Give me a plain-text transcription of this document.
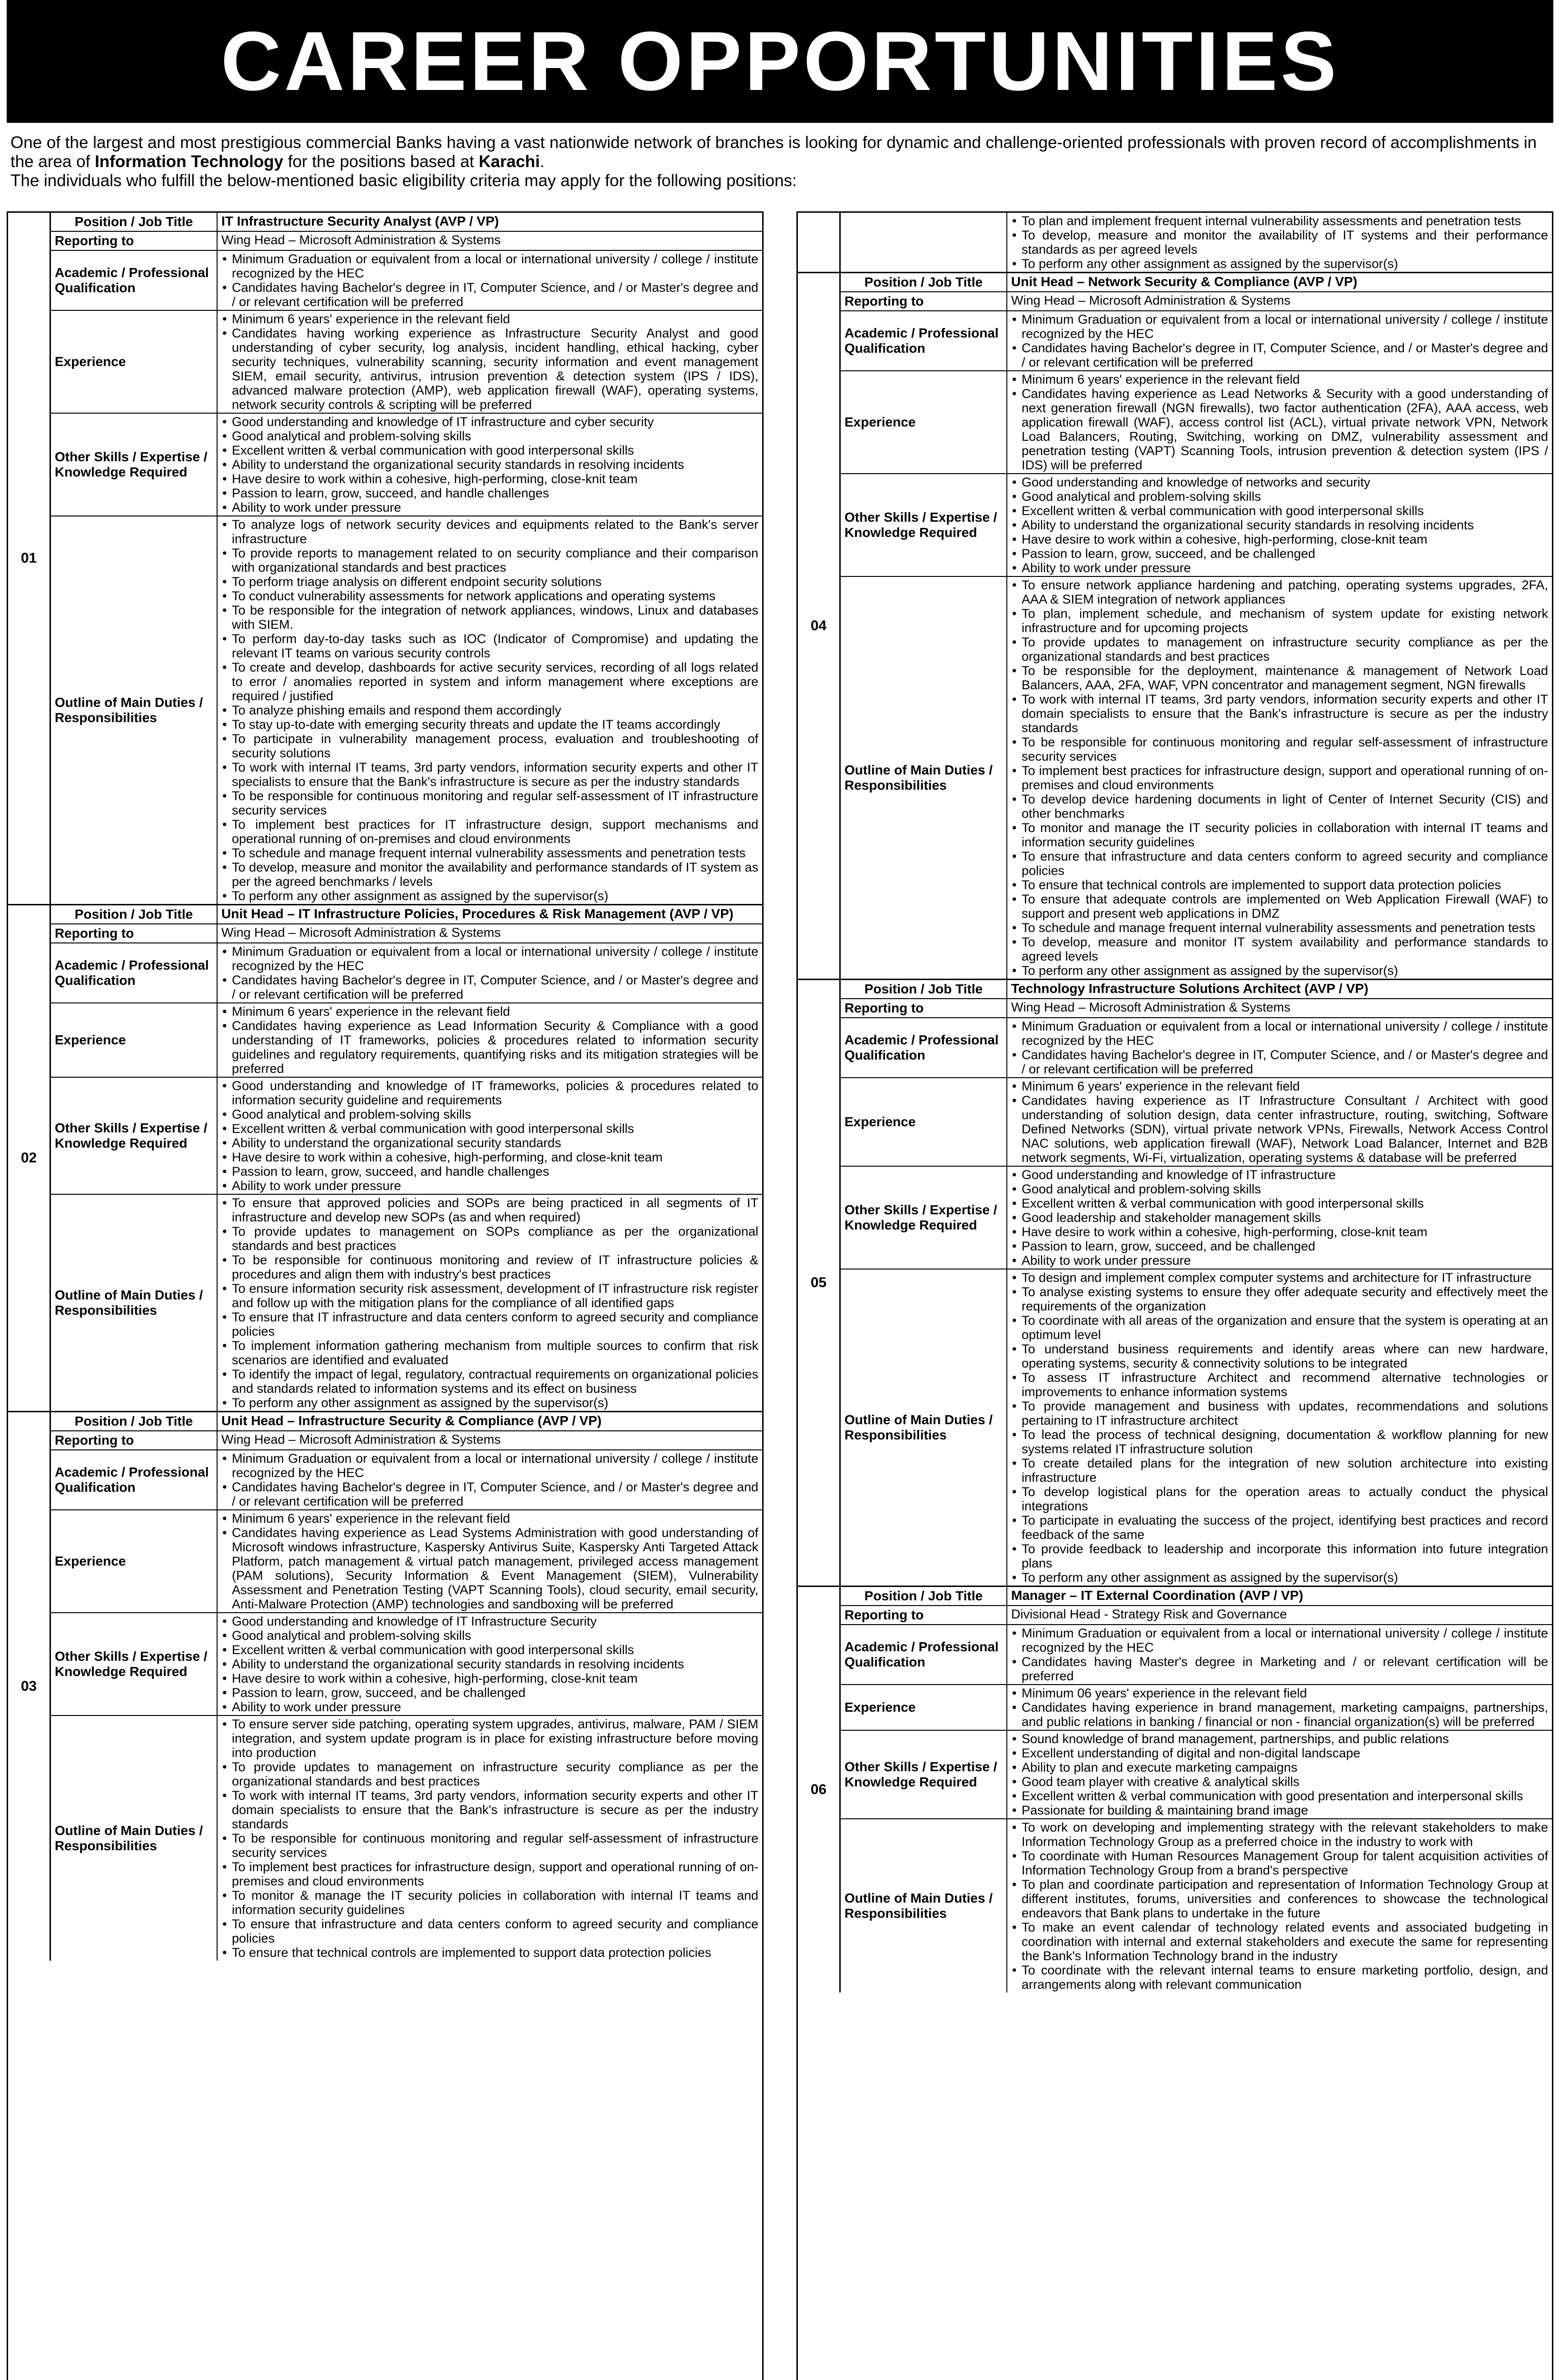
CAREER OPPORTUNITIES

One of the largest and most prestigious commercial Banks having a vast nationwide network of branches is looking for dynamic and challenge-oriented professionals with proven record of accomplishments in the area of Information Technology for the positions based at Karachi.

The individuals who fulfill the below-mentioned basic eligibility criteria may apply for the following positions:

01
Position / Job Title	IT Infrastructure Security Analyst (AVP / VP)
Reporting to	Wing Head – Microsoft Administration & Systems
Academic / Professional Qualification
• Minimum Graduation or equivalent from a local or international university / college / institute recognized by the HEC
• Candidates having Bachelor's degree in IT, Computer Science, and / or Master's degree and / or relevant certification will be preferred
Experience
• Minimum 6 years' experience in the relevant field
• Candidates having working experience as Infrastructure Security Analyst and good understanding of cyber security, log analysis, incident handling, ethical hacking, cyber security techniques, vulnerability scanning, security information and event management SIEM, email security, antivirus, intrusion prevention & detection system (IPS / IDS), advanced malware protection (AMP), web application firewall (WAF), operating systems, network security controls & scripting will be preferred
Other Skills / Expertise / Knowledge Required
• Good understanding and knowledge of IT infrastructure and cyber security
• Good analytical and problem-solving skills
• Excellent written & verbal communication with good interpersonal skills
• Ability to understand the organizational security standards in resolving incidents
• Have desire to work within a cohesive, high-performing, close-knit team
• Passion to learn, grow, succeed, and handle challenges
• Ability to work under pressure
Outline of Main Duties / Responsibilities
• To analyze logs of network security devices and equipments related to the Bank's server infrastructure
• To provide reports to management related to on security compliance and their comparison with organizational standards and best practices
• To perform triage analysis on different endpoint security solutions
• To conduct vulnerability assessments for network applications and operating systems
• To be responsible for the integration of network appliances, windows, Linux and databases with SIEM.
• To perform day-to-day tasks such as IOC (Indicator of Compromise) and updating the relevant IT teams on various security controls
• To create and develop, dashboards for active security services, recording of all logs related to error / anomalies reported in system and inform management where exceptions are required / justified
• To analyze phishing emails and respond them accordingly
• To stay up-to-date with emerging security threats and update the IT teams accordingly
• To participate in vulnerability management process, evaluation and troubleshooting of security solutions
• To work with internal IT teams, 3rd party vendors, information security experts and other IT specialists to ensure that the Bank's infrastructure is secure as per the industry standards
• To be responsible for continuous monitoring and regular self-assessment of IT infrastructure security services
• To implement best practices for IT infrastructure design, support mechanisms and operational running of on-premises and cloud environments
• To schedule and manage frequent internal vulnerability assessments and penetration tests
• To develop, measure and monitor the availability and performance standards of IT system as per the agreed benchmarks / levels
• To perform any other assignment as assigned by the supervisor(s)
02
Position / Job Title	Unit Head – IT Infrastructure Policies, Procedures & Risk Management (AVP / VP)
Reporting to	Wing Head – Microsoft Administration & Systems
Academic / Professional Qualification
• Minimum Graduation or equivalent from a local or international university / college / institute recognized by the HEC
• Candidates having Bachelor's degree in IT, Computer Science, and / or Master's degree and / or relevant certification will be preferred
Experience
• Minimum 6 years' experience in the relevant field
• Candidates having experience as Lead Information Security & Compliance with a good understanding of IT frameworks, policies & procedures related to information security guidelines and regulatory requirements, quantifying risks and its mitigation strategies will be preferred
Other Skills / Expertise / Knowledge Required
• Good understanding and knowledge of IT frameworks, policies & procedures related to information security guideline and requirements
• Good analytical and problem-solving skills
• Excellent written & verbal communication with good interpersonal skills
• Ability to understand the organizational security standards
• Have desire to work within a cohesive, high-performing, and close-knit team
• Passion to learn, grow, succeed, and handle challenges
• Ability to work under pressure
Outline of Main Duties / Responsibilities
• To ensure that approved policies and SOPs are being practiced in all segments of IT infrastructure and develop new SOPs (as and when required)
• To provide updates to management on SOPs compliance as per the organizational standards and best practices
• To be responsible for continuous monitoring and review of IT infrastructure policies & procedures and align them with industry's best practices
• To ensure information security risk assessment, development of IT infrastructure risk register and follow up with the mitigation plans for the compliance of all identified gaps
• To ensure that IT infrastructure and data centers conform to agreed security and compliance policies
• To implement information gathering mechanism from multiple sources to confirm that risk scenarios are identified and evaluated
• To identify the impact of legal, regulatory, contractual requirements on organizational policies and standards related to information systems and its effect on business
• To perform any other assignment as assigned by the supervisor(s)
03
Position / Job Title	Unit Head – Infrastructure Security & Compliance (AVP / VP)
Reporting to	Wing Head – Microsoft Administration & Systems
Academic / Professional Qualification
• Minimum Graduation or equivalent from a local or international university / college / institute recognized by the HEC
• Candidates having Bachelor's degree in IT, Computer Science, and / or Master's degree and / or relevant certification will be preferred
Experience
• Minimum 6 years' experience in the relevant field
• Candidates having experience as Lead Systems Administration with good understanding of Microsoft windows infrastructure, Kaspersky Antivirus Suite, Kaspersky Anti Targeted Attack Platform, patch management & virtual patch management, privileged access management (PAM solutions), Security Information & Event Management (SIEM), Vulnerability Assessment and Penetration Testing (VAPT Scanning Tools), cloud security, email security, Anti-Malware Protection (AMP) technologies and sandboxing will be preferred
Other Skills / Expertise / Knowledge Required
• Good understanding and knowledge of IT Infrastructure Security
• Good analytical and problem-solving skills
• Excellent written & verbal communication with good interpersonal skills
• Ability to understand the organizational security standards in resolving incidents
• Have desire to work within a cohesive, high-performing, close-knit team
• Passion to learn, grow, succeed, and be challenged
• Ability to work under pressure
Outline of Main Duties / Responsibilities
• To ensure server side patching, operating system upgrades, antivirus, malware, PAM / SIEM integration, and system update program is in place for existing infrastructure before moving into production
• To provide updates to management on infrastructure security compliance as per the organizational standards and best practices
• To work with internal IT teams, 3rd party vendors, information security experts and other IT domain specialists to ensure that the Bank's infrastructure is secure as per the industry standards
• To be responsible for continuous monitoring and regular self-assessment of infrastructure security services
• To implement best practices for infrastructure design, support and operational running of on-premises and cloud environments
• To monitor & manage the IT security policies in collaboration with internal IT teams and information security guidelines
• To ensure that infrastructure and data centers conform to agreed security and compliance policies
• To ensure that technical controls are implemented to support data protection policies
• To plan and implement frequent internal vulnerability assessments and penetration tests
• To develop, measure and monitor the availability of IT systems and their performance standards as per agreed levels
• To perform any other assignment as assigned by the supervisor(s)
04
Position / Job Title	Unit Head – Network Security & Compliance (AVP / VP)
Reporting to	Wing Head – Microsoft Administration & Systems
Academic / Professional Qualification
• Minimum Graduation or equivalent from a local or international university / college / institute recognized by the HEC
• Candidates having Bachelor's degree in IT, Computer Science, and / or Master's degree and / or relevant certification will be preferred
Experience
• Minimum 6 years' experience in the relevant field
• Candidates having experience as Lead Networks & Security with a good understanding of next generation firewall (NGN firewalls), two factor authentication (2FA), AAA access, web application firewall (WAF), access control list (ACL), virtual private network VPN, Network Load Balancers, Routing, Switching, working on DMZ, vulnerability assessment and penetration testing (VAPT) Scanning Tools, intrusion prevention & detection system (IPS / IDS) will be preferred
Other Skills / Expertise / Knowledge Required
• Good understanding and knowledge of networks and security
• Good analytical and problem-solving skills
• Excellent written & verbal communication with good interpersonal skills
• Ability to understand the organizational security standards in resolving incidents
• Have desire to work within a cohesive, high-performing, close-knit team
• Passion to learn, grow, succeed, and be challenged
• Ability to work under pressure
Outline of Main Duties / Responsibilities
• To ensure network appliance hardening and patching, operating systems upgrades, 2FA, AAA & SIEM integration of network appliances
• To plan, implement schedule, and mechanism of system update for existing network infrastructure and for upcoming projects
• To provide updates to management on infrastructure security compliance as per the organizational standards and best practices
• To be responsible for the deployment, maintenance & management of Network Load Balancers, AAA, 2FA, WAF, VPN concentrator and management segment, NGN firewalls
• To work with internal IT teams, 3rd party vendors, information security experts and other IT domain specialists to ensure that the Bank's infrastructure is secure as per the industry standards
• To be responsible for continuous monitoring and regular self-assessment of infrastructure security services
• To implement best practices for infrastructure design, support and operational running of on-premises and cloud environments
• To develop device hardening documents in light of Center of Internet Security (CIS) and other benchmarks
• To monitor and manage the IT security policies in collaboration with internal IT teams and information security guidelines
• To ensure that infrastructure and data centers conform to agreed security and compliance policies
• To ensure that technical controls are implemented to support data protection policies
• To ensure that adequate controls are implemented on Web Application Firewall (WAF) to support and present web applications in DMZ
• To schedule and manage frequent internal vulnerability assessments and penetration tests
• To develop, measure and monitor IT system availability and performance standards to agreed levels
• To perform any other assignment as assigned by the supervisor(s)
05
Position / Job Title	Technology Infrastructure Solutions Architect (AVP / VP)
Reporting to	Wing Head – Microsoft Administration & Systems
Academic / Professional Qualification
• Minimum Graduation or equivalent from a local or international university / college / institute recognized by the HEC
• Candidates having Bachelor's degree in IT, Computer Science, and / or Master's degree and / or relevant certification will be preferred
Experience
• Minimum 6 years' experience in the relevant field
• Candidates having experience as IT Infrastructure Consultant / Architect with good understanding of solution design, data center infrastructure, routing, switching, Software Defined Networks (SDN), virtual private network VPNs, Firewalls, Network Access Control NAC solutions, web application firewall (WAF), Network Load Balancer, Internet and B2B network segments, Wi-Fi, virtualization, operating systems & database will be preferred
Other Skills / Expertise / Knowledge Required
• Good understanding and knowledge of IT infrastructure
• Good analytical and problem-solving skills
• Excellent written & verbal communication with good interpersonal skills
• Good leadership and stakeholder management skills
• Have desire to work within a cohesive, high-performing, close-knit team
• Passion to learn, grow, succeed, and be challenged
• Ability to work under pressure
Outline of Main Duties / Responsibilities
• To design and implement complex computer systems and architecture for IT infrastructure
• To analyse existing systems to ensure they offer adequate security and effectively meet the requirements of the organization
• To coordinate with all areas of the organization and ensure that the system is operating at an optimum level
• To understand business requirements and identify areas where can new hardware, operating systems, security & connectivity solutions to be integrated
• To assess IT infrastructure Architect and recommend alternative technologies or improvements to enhance information systems
• To provide management and business with updates, recommendations and solutions pertaining to IT infrastructure architect
• To lead the process of technical designing, documentation & workflow planning for new systems related IT infrastructure solution
• To create detailed plans for the integration of new solution architecture into existing infrastructure
• To develop logistical plans for the operation areas to actually conduct the physical integrations
• To participate in evaluating the success of the project, identifying best practices and record feedback of the same
• To provide feedback to leadership and incorporate this information into future integration plans
• To perform any other assignment as assigned by the supervisor(s)
06
Position / Job Title	Manager – IT External Coordination (AVP / VP)
Reporting to	Divisional Head - Strategy Risk and Governance
Academic / Professional Qualification
• Minimum Graduation or equivalent from a local or international university / college / institute recognized by the HEC
• Candidates having Master's degree in Marketing and / or relevant certification will be preferred
Experience
• Minimum 06 years' experience in the relevant field
• Candidates having experience in brand management, marketing campaigns, partnerships, and public relations in banking / financial or non - financial organization(s) will be preferred
Other Skills / Expertise / Knowledge Required
• Sound knowledge of brand management, partnerships, and public relations
• Excellent understanding of digital and non-digital landscape
• Ability to plan and execute marketing campaigns
• Good team player with creative & analytical skills
• Excellent written & verbal communication with good presentation and interpersonal skills
• Passionate for building & maintaining brand image
Outline of Main Duties / Responsibilities
• To work on developing and implementing strategy with the relevant stakeholders to make Information Technology Group as a preferred choice in the industry to work with
• To coordinate with Human Resources Management Group for talent acquisition activities of Information Technology Group from a brand's perspective
• To plan and coordinate participation and representation of Information Technology Group at different institutes, forums, universities and conferences to showcase the technological endeavors that Bank plans to undertake in the future
• To make an event calendar of technology related events and associated budgeting in coordination with internal and external stakeholders and execute the same for representing the Bank's Information Technology brand in the industry
• To coordinate with the relevant internal teams to ensure marketing portfolio, design, and arrangements along with relevant communication
